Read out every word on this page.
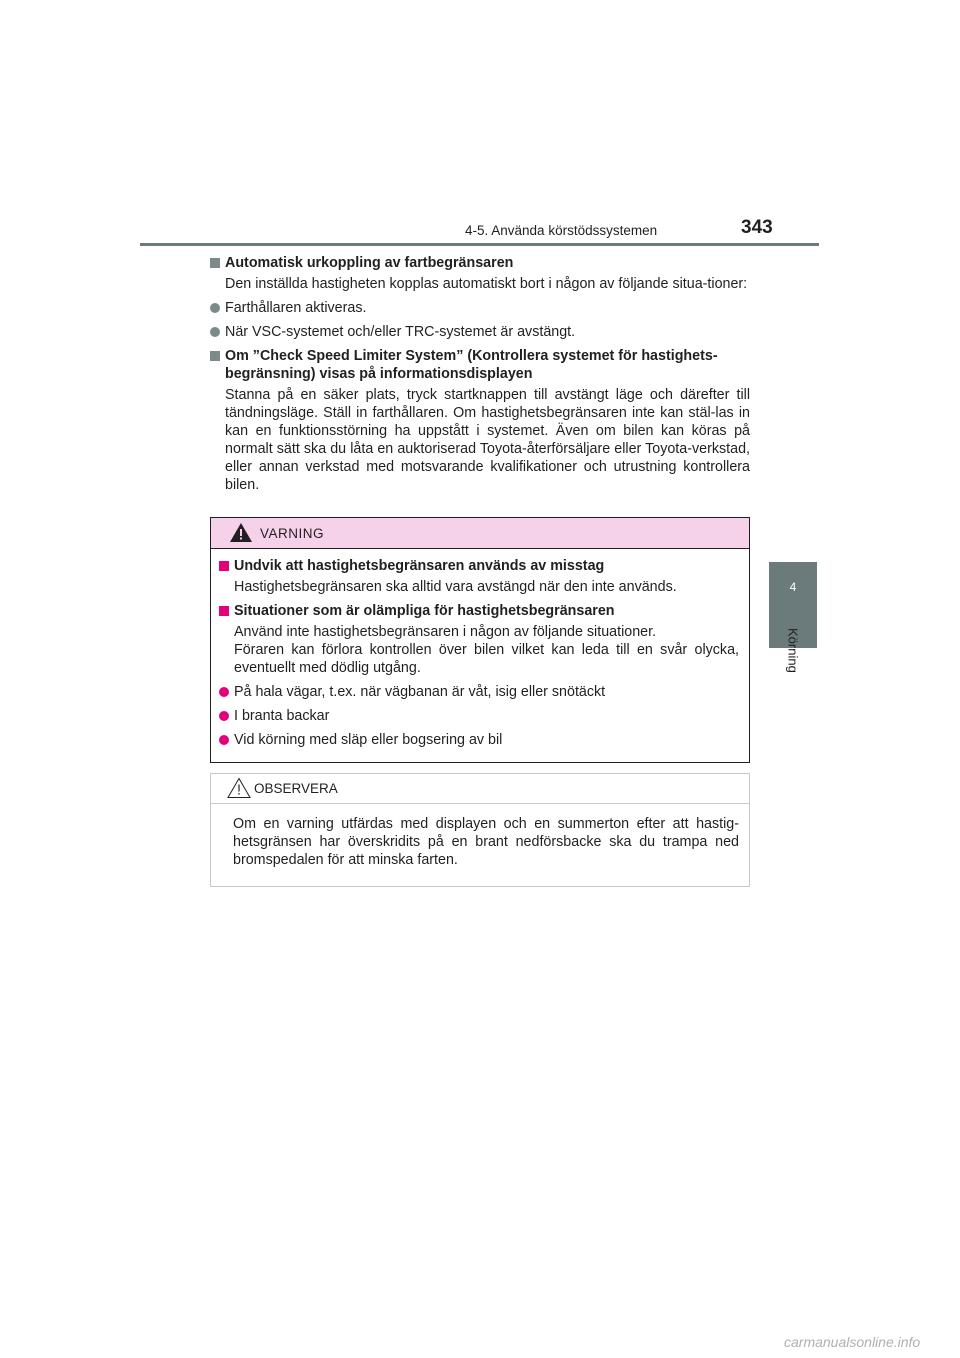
4-5. Använda körstödssystemen	343
4
Körning
Automatisk urkoppling av fartbegränsaren
Den inställda hastigheten kopplas automatiskt bort i någon av följande situa-tioner:
Farthållaren aktiveras.
När VSC-systemet och/eller TRC-systemet är avstängt.
Om ”Check Speed Limiter System” (Kontrollera systemet för hastighets-begränsning) visas på informationsdisplayen
Stanna på en säker plats, tryck startknappen till avstängt läge och därefter till tändningsläge. Ställ in farthållaren. Om hastighetsbegränsaren inte kan stäl-las in kan en funktionsstörning ha uppstått i systemet. Även om bilen kan köras på normalt sätt ska du låta en auktoriserad Toyota-återförsäljare eller Toyota-verkstad, eller annan verkstad med motsvarande kvalifikationer och utrustning kontrollera bilen.
VARNING
Undvik att hastighetsbegränsaren används av misstag
Hastighetsbegränsaren ska alltid vara avstängd när den inte används.
Situationer som är olämpliga för hastighetsbegränsaren
Använd inte hastighetsbegränsaren i någon av följande situationer.
Föraren kan förlora kontrollen över bilen vilket kan leda till en svår olycka, eventuellt med dödlig utgång.
På hala vägar, t.ex. när vägbanan är våt, isig eller snötäckt
I branta backar
Vid körning med släp eller bogsering av bil
OBSERVERA
Om en varning utfärdas med displayen och en summerton efter att hastig-hetsgränsen har överskridits på en brant nedförsbacke ska du trampa ned bromspedalen för att minska farten.
carmanualsonline.info
